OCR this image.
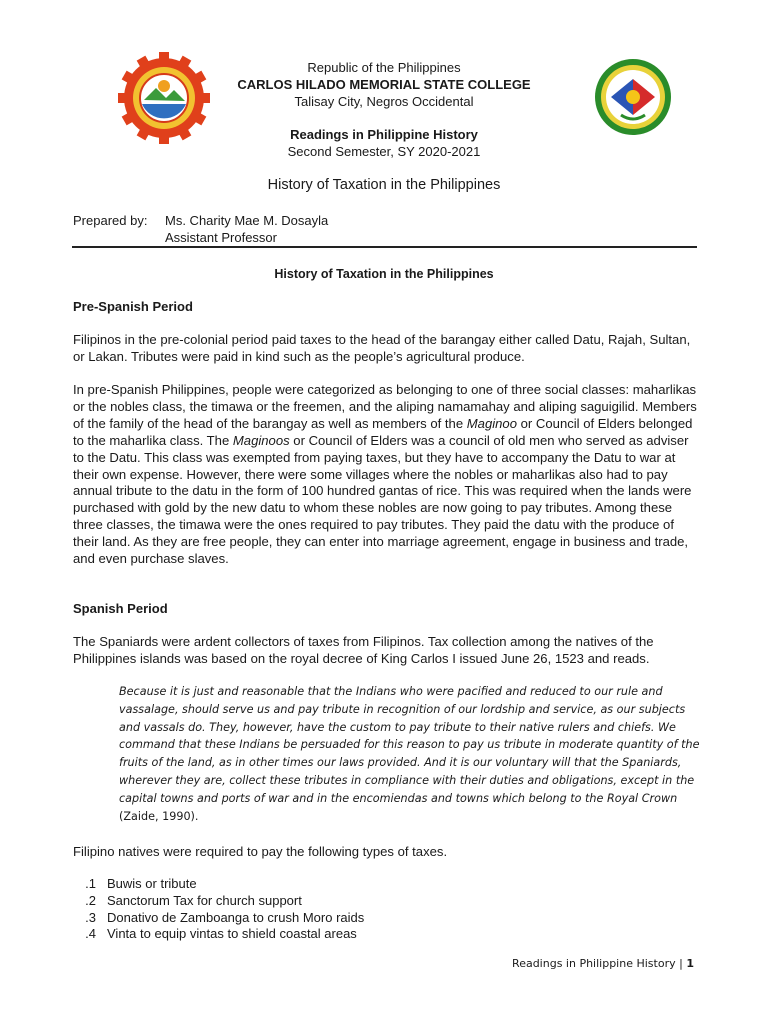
Republic of the Philippines
CARLOS HILADO MEMORIAL STATE COLLEGE
Talisay City, Negros Occidental
Readings in Philippine History
Second Semester, SY 2020-2021
History of Taxation in the Philippines
Prepared by: Ms. Charity Mae M. Dosayla
Assistant Professor
History of Taxation in the Philippines
Pre-Spanish Period
Filipinos in the pre-colonial period paid taxes to the head of the barangay either called Datu, Rajah, Sultan, or Lakan. Tributes were paid in kind such as the people’s agricultural produce.
In pre-Spanish Philippines, people were categorized as belonging to one of three social classes: maharlikas or the nobles class, the timawa or the freemen, and the aliping namamahay and aliping saguigilid. Members of the family of the head of the barangay as well as members of the Maginoo or Council of Elders belonged to the maharlika class. The Maginoos or Council of Elders was a council of old men who served as adviser to the Datu. This class was exempted from paying taxes, but they have to accompany the Datu to war at their own expense. However, there were some villages where the nobles or maharlikas also had to pay annual tribute to the datu in the form of 100 hundred gantas of rice. This was required when the lands were purchased with gold by the new datu to whom these nobles are now going to pay tributes. Among these three classes, the timawa were the ones required to pay tributes. They paid the datu with the produce of their land. As they are free people, they can enter into marriage agreement, engage in business and trade, and even purchase slaves.
Spanish Period
The Spaniards were ardent collectors of taxes from Filipinos. Tax collection among the natives of the Philippines islands was based on the royal decree of King Carlos I issued June 26, 1523 and reads.
Because it is just and reasonable that the Indians who were pacified and reduced to our rule and vassalage, should serve us and pay tribute in recognition of our lordship and service, as our subjects and vassals do. They, however, have the custom to pay tribute to their native rulers and chiefs. We command that these Indians be persuaded for this reason to pay us tribute in moderate quantity of the fruits of the land, as in other times our laws provided. And it is our voluntary will that the Spaniards, wherever they are, collect these tributes in compliance with their duties and obligations, except in the capital towns and ports of war and in the encomiendas and towns which belong to the Royal Crown (Zaide, 1990).
Filipino natives were required to pay the following types of taxes.
1. Buwis or tribute
2. Sanctorum Tax for church support
3. Donativo de Zamboanga to crush Moro raids
4. Vinta to equip vintas to shield coastal areas
Readings in Philippine History | 1
